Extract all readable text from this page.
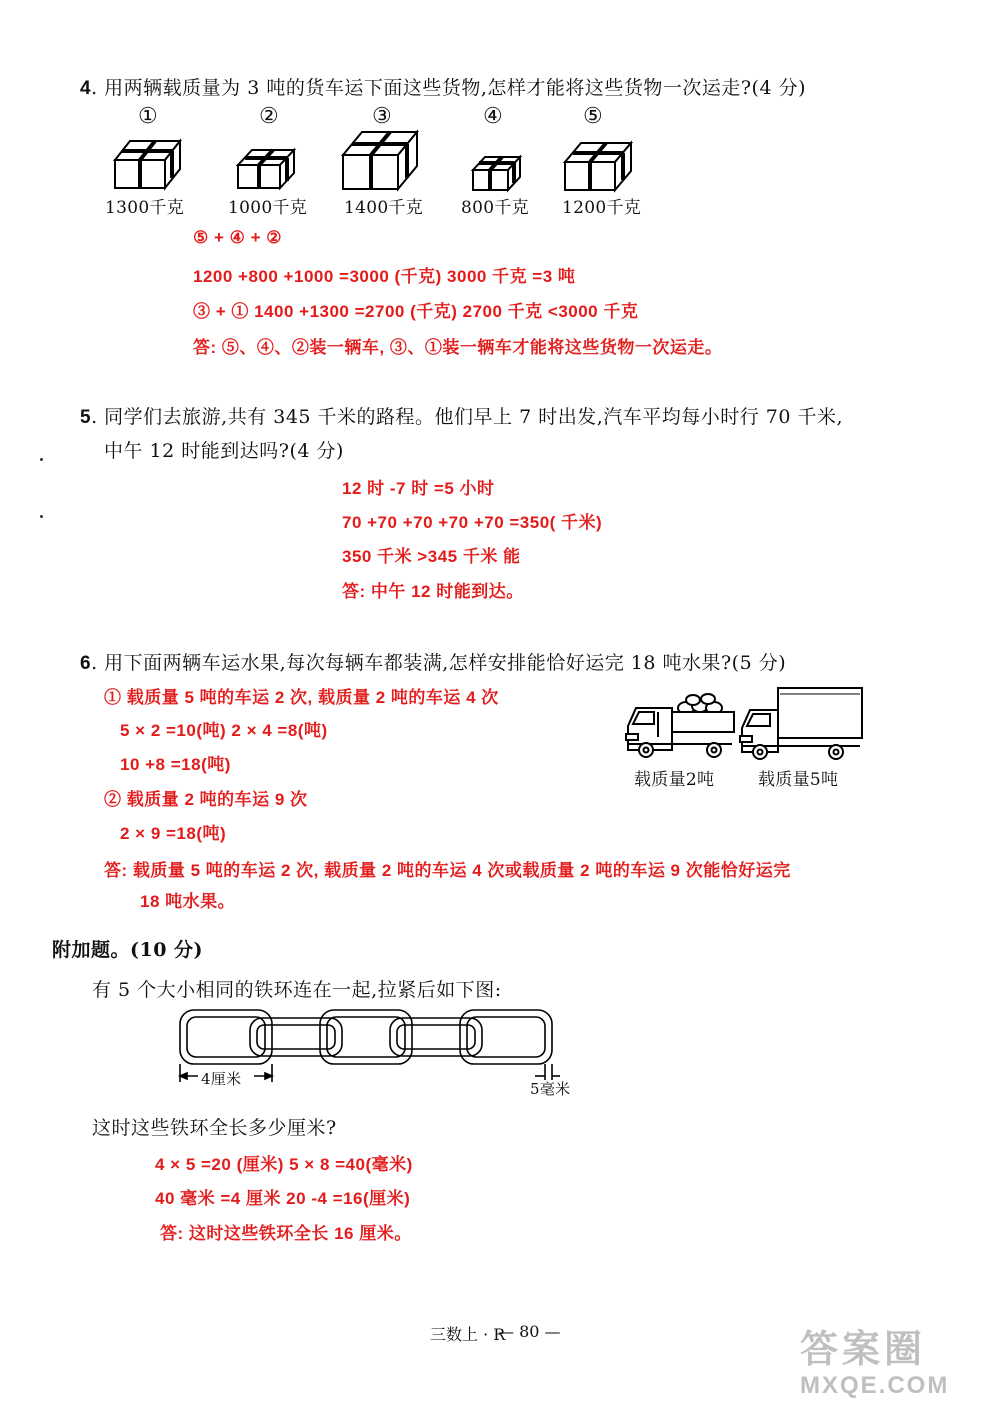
4. 用两辆载质量为 3 吨的货车运下面这些货物,怎样才能将这些货物一次运走?(4 分)
①	②	③	④	⑤
1300千克	1000千克 1400千克 800千克 1200千克
⑤ + ④ + ②
1200 +800 +1000 =3000 (千克) 3000 千克 =3 吨
③ + ① 1400 +1300 =2700 (千克) 2700 千克 <3000 千克
答: ⑤、④、②装一辆车, ③、①装一辆车才能将这些货物一次运走。
5. 同学们去旅游,共有 345 千米的路程。他们早上 7 时出发,汽车平均每小时行 70 千米,
中午 12 时能到达吗?(4 分)
12 时 -7 时 =5 小时
70 +70 +70 +70 +70 =350( 千米)
350 千米 >345 千米 能
答: 中午 12 时能到达。
6. 用下面两辆车运水果,每次每辆车都装满,怎样安排能恰好运完 18 吨水果?(5 分)
① 载质量 5 吨的车运 2 次, 载质量 2 吨的车运 4 次
5 × 2 =10(吨) 2 × 4 =8(吨)
10 +8 =18(吨)
② 载质量 2 吨的车运 9 次
2 × 9 =18(吨)
答: 载质量 5 吨的车运 2 次, 载质量 2 吨的车运 4 次或载质量 2 吨的车运 9 次能恰好运完
18 吨水果。
载质量2吨	载质量5吨
附加题。(10 分)
有 5 个大小相同的铁环连在一起,拉紧后如下图:
4厘米
5毫米
这时这些铁环全长多少厘米?
4 × 5 =20 (厘米) 5 × 8 =40(毫米)
40 毫米 =4 厘米 20 -4 =16(厘米)
答: 这时这些铁环全长 16 厘米。
三数上 · R
— 80 —	答案圈
MXQE.COM
